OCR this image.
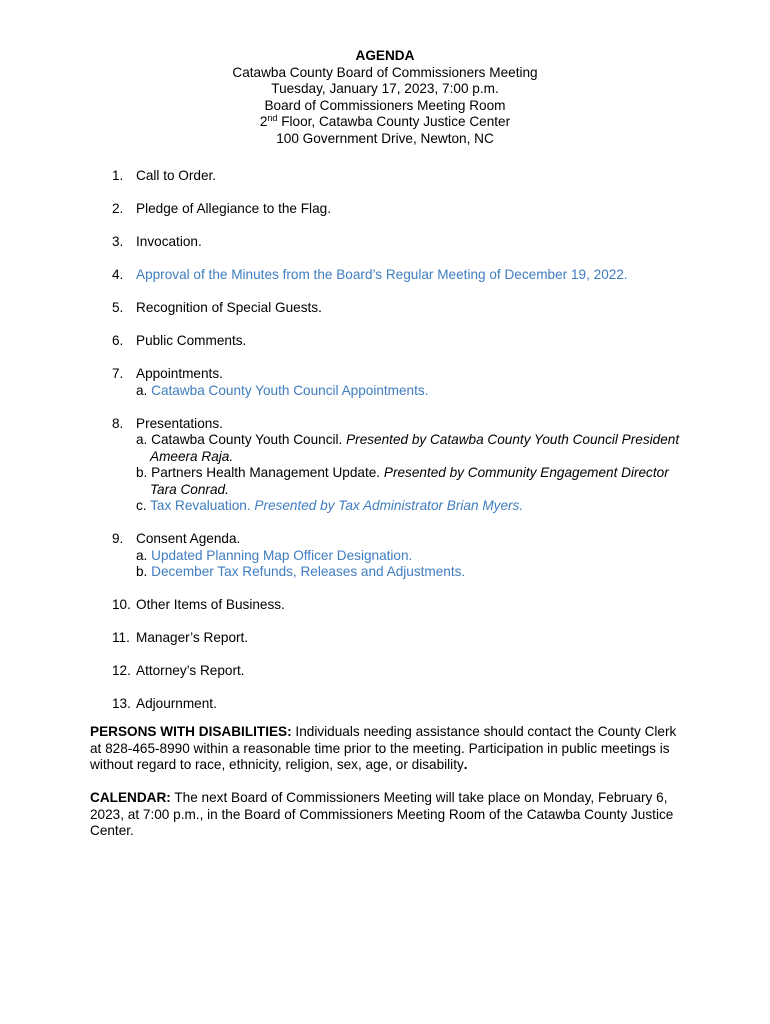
AGENDA
Catawba County Board of Commissioners Meeting
Tuesday, January 17, 2023, 7:00 p.m.
Board of Commissioners Meeting Room
2nd Floor, Catawba County Justice Center
100 Government Drive, Newton, NC
1. Call to Order.
2. Pledge of Allegiance to the Flag.
3. Invocation.
4. Approval of the Minutes from the Board’s Regular Meeting of December 19, 2022.
5. Recognition of Special Guests.
6. Public Comments.
7. Appointments.
a. Catawba County Youth Council Appointments.
8. Presentations.
a. Catawba County Youth Council. Presented by Catawba County Youth Council President
Ameera Raja.
b. Partners Health Management Update. Presented by Community Engagement Director
Tara Conrad.
c. Tax Revaluation. Presented by Tax Administrator Brian Myers.
9. Consent Agenda.
a. Updated Planning Map Officer Designation.
b. December Tax Refunds, Releases and Adjustments.
10. Other Items of Business.
11. Manager’s Report.
12. Attorney’s Report.
13. Adjournment.
PERSONS WITH DISABILITIES: Individuals needing assistance should contact the County Clerk
at 828-465-8990 within a reasonable time prior to the meeting. Participation in public meetings is
without regard to race, ethnicity, religion, sex, age, or disability.
CALENDAR: The next Board of Commissioners Meeting will take place on Monday, February 6,
2023, at 7:00 p.m., in the Board of Commissioners Meeting Room of the Catawba County Justice
Center.
